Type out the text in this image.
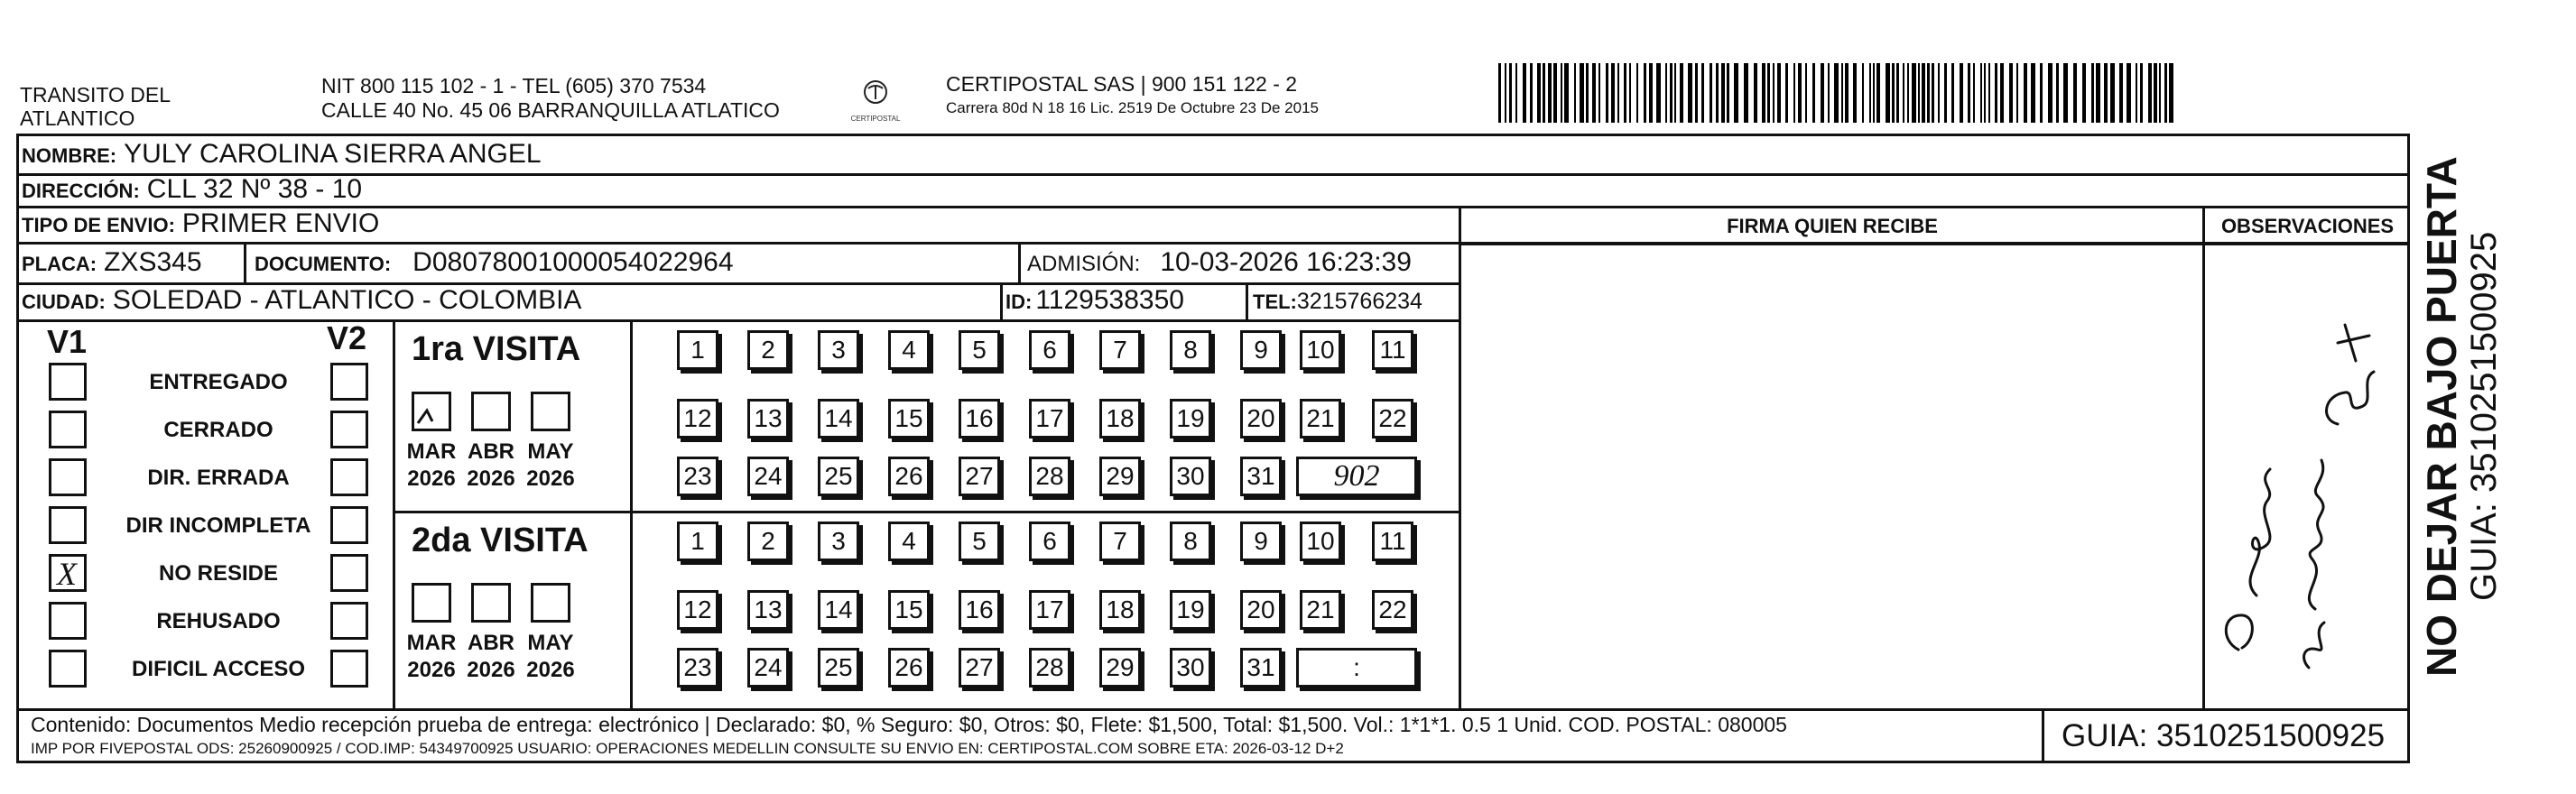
TRANSITO DEL
ATLANTICO
NIT 800 115 102 - 1 - TEL (605) 370 7534
CALLE 40 No. 45 06 BARRANQUILLA ATLATICO	CERTIPOSTAL
CERTIPOSTAL SAS | 900 151 122 - 2
Carrera 80d N 18 16 Lic. 2519 De Octubre 23 De 2015
NOMBRE: YULY CAROLINA SIERRA ANGEL
DIRECCIÓN: CLL 32 Nº 38 - 10
TIPO DE ENVIO: PRIMER ENVIO	FIRMA QUIEN RECIBE	OBSERVACIONES
PLACA: ZXS345	DOCUMENTO: D08078001000054022964	ADMISIÓN: 10-03-2026 16:23:39
CIUDAD: SOLEDAD - ATLANTICO - COLOMBIA	ID: 1129538350	TEL: 3215766234
V1	V2
ENTREGADO
CERRADO
DIR. ERRADA
DIR INCOMPLETA
X	NO RESIDE
REHUSADO
DIFICIL ACCESO
1ra VISITA
MAR
2026
ABR
2026
MAY
2026
1	2	3	4	5	6	7	8	9	10	11
12 13 14 15 16 17 18 19 20 21 22
23 24 25 26 27 28 29 30 31	902
2da VISITA
MAR
2026
ABR
2026
MAY
2026
1	2	3	4	5	6	7	8	9	10	11
12 13 14 15 16 17 18 19 20 21 22
23 24 25 26 27 28 29 30 31	:
Contenido: Documentos Medio recepción prueba de entrega: electrónico | Declarado: $0, % Seguro: $0, Otros: $0, Flete: $1,500, Total: $1,500. Vol.: 1*1*1. 0.5 1 Unid. COD. POSTAL: 080005
IMP POR FIVEPOSTAL ODS: 25260900925 / COD.IMP: 54349700925 USUARIO: OPERACIONES MEDELLIN CONSULTE SU ENVIO EN: CERTIPOSTAL.COM SOBRE ETA: 2026-03-12 D+2	GUIA: 3510251500925
NO DEJAR BAJO PUERTA GUIA: 3510251500925
